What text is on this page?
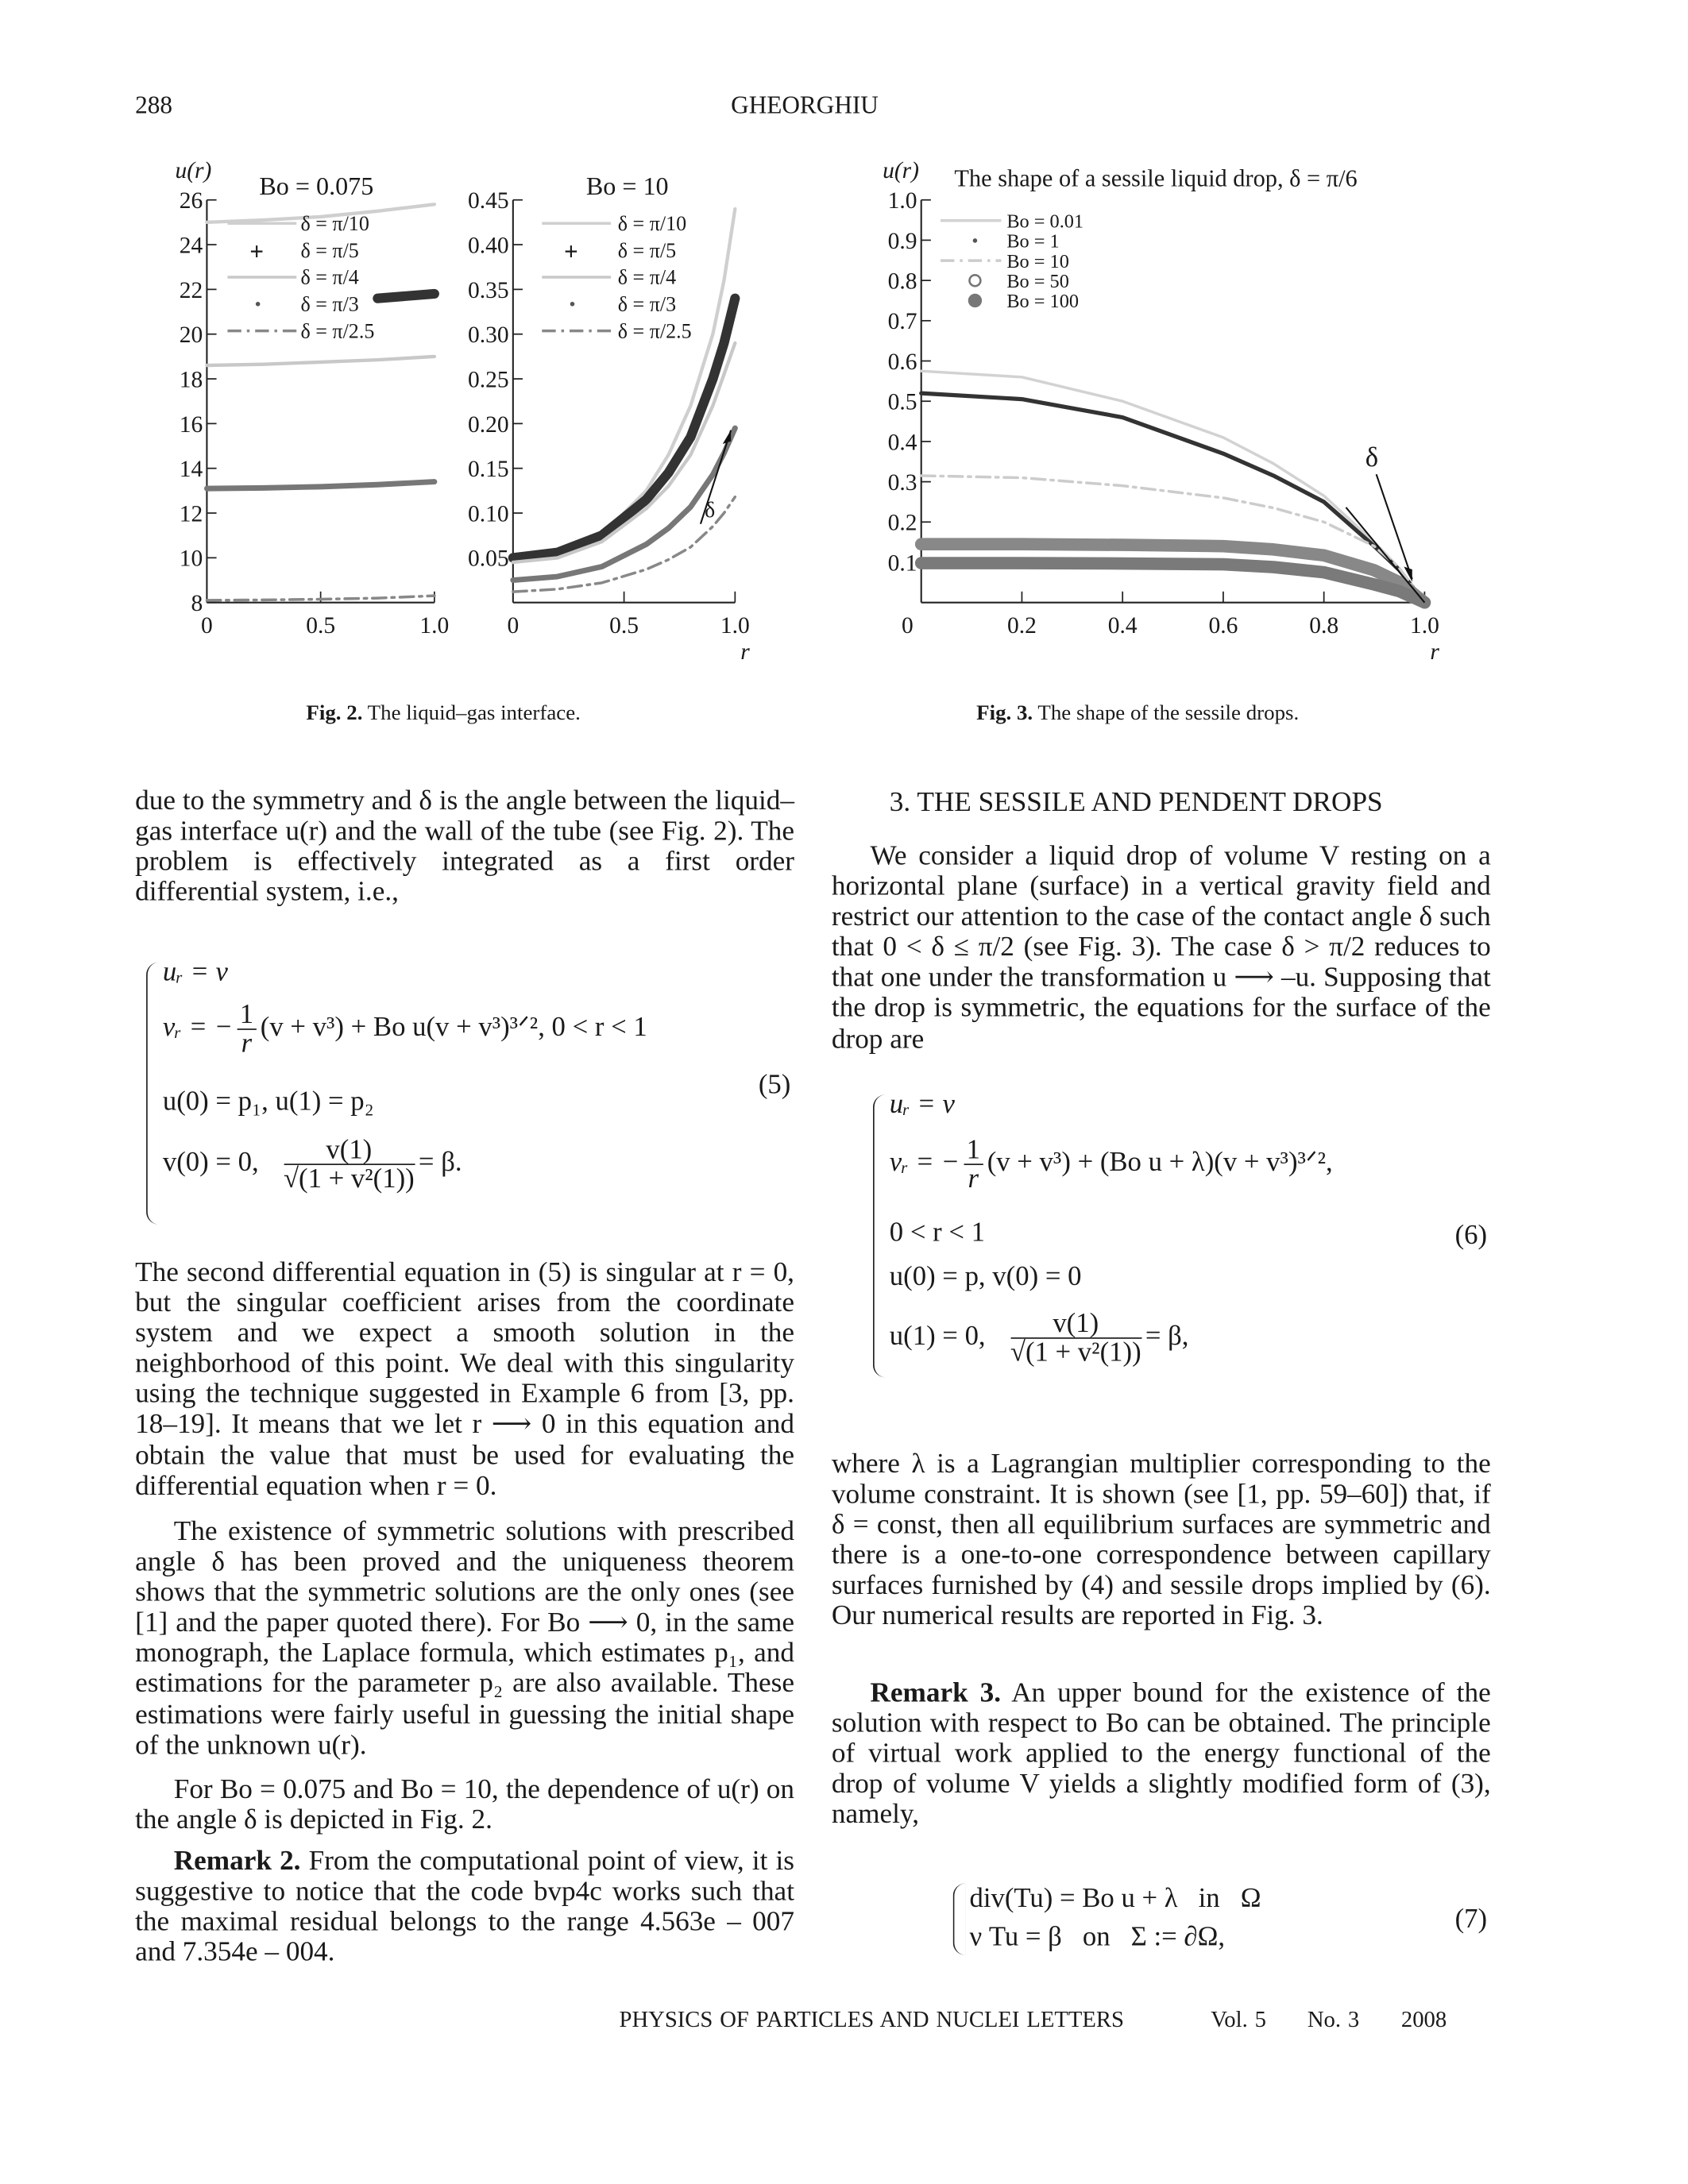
288	GHEORGHIU
8
10
12
14
16
18
20
22
24
26
0	0.5	1.0
Bo = 0.075
u(r)
δ = π/10
+	δ = π/5
δ = π/4
δ = π/3
δ = π/2.5
0.05
0.10
0.15
0.20
0.25
0.30
0.35
0.40
0.45
0	0.5	1.0
Bo = 10
r
δ = π/10
+	δ = π/5
δ = π/4
δ = π/3
δ = π/2.5
0.1
0.2
0.3
0.4
0.5
0.6
0.7
0.8
0.9
1.0
0	0.2	0.4	0.6	0.8	1.0
The shape of a sessile liquid drop, δ = π/6
u(r)
r
Bo = 0.01
Bo = 1
Bo = 10
Bo = 50
Bo = 100
δ
δ
Fig. 2. The liquid–gas interface.	Fig. 3. The shape of the sessile drops.

due to the symmetry and δ is the angle between the liquid–gas interface u(r) and the wall of the tube (see Fig. 2). The problem is effectively integrated as a first order differential system, i.e.,

uᵣ = v
vᵣ = − $\frac{1}{r} (v + v^3) + Bo$ u(v + v³)³ᐟ², 0 < r < 1
u(0) = p₁, u(1) = p₂
v(0) = 0, $\frac{v(1)}{\text{√(1 + v²(1))}} = \beta$.
(5)

The second differential equation in (5) is singular at r = 0, but the singular coefficient arises from the coordinate system and we expect a smooth solution in the neighborhood of this point. We deal with this singularity using the technique suggested in Example 6 from [3, pp. 18–19]. It means that we let r ⟶ 0 in this equation and obtain the value that must be used for evaluating the differential equation when r = 0.

The existence of symmetric solutions with prescribed angle δ has been proved and the uniqueness theorem shows that the symmetric solutions are the only ones (see [1] and the paper quoted there). For Bo ⟶ 0, in the same monograph, the Laplace formula, which estimates p₁, and estimations for the parameter p₂ are also available. These estimations were fairly useful in guessing the initial shape of the unknown u(r).

For Bo = 0.075 and Bo = 10, the dependence of u(r) on the angle δ is depicted in Fig. 2.

Remark 2. From the computational point of view, it is suggestive to notice that the code bvp4c works such that the maximal residual belongs to the range 4.563e – 007 and 7.354e – 004.

3. THE SESSILE AND PENDENT DROPS

We consider a liquid drop of volume V resting on a horizontal plane (surface) in a vertical gravity field and restrict our attention to the case of the contact angle δ such that 0 < δ ≤ π/2 (see Fig. 3). The case δ > π/2 reduces to that one under the transformation u ⟶ –u. Supposing that the drop is symmetric, the equations for the surface of the drop are

uᵣ = v
vᵣ = − $\frac{1}{r} (v + v^3) + (Bo$ u + λ)(v + v³)³ᐟ²,
0 < r < 1
u(0) = p, v(0) = 0
u(1) = 0, $\frac{v(1)}{\text{√(1 + v²(1))}} = \beta$,
(6)

where λ is a Lagrangian multiplier corresponding to the volume constraint. It is shown (see [1, pp. 59–60]) that, if δ = const, then all equilibrium surfaces are symmetric and there is a one-to-one correspondence between capillary surfaces furnished by (4) and sessile drops implied by (6). Our numerical results are reported in Fig. 3.

Remark 3. An upper bound for the existence of the solution with respect to Bo can be obtained. The principle of virtual work applied to the energy functional of the drop of volume V yields a slightly modified form of (3), namely,

div(Tu) = Bo u + λ   in   Ω
ν Tu = β   on   Σ := ∂Ω,
(7)
PHYSICS OF PARTICLES AND NUCLEI LETTERS	Vol. 5	No. 3	2008
